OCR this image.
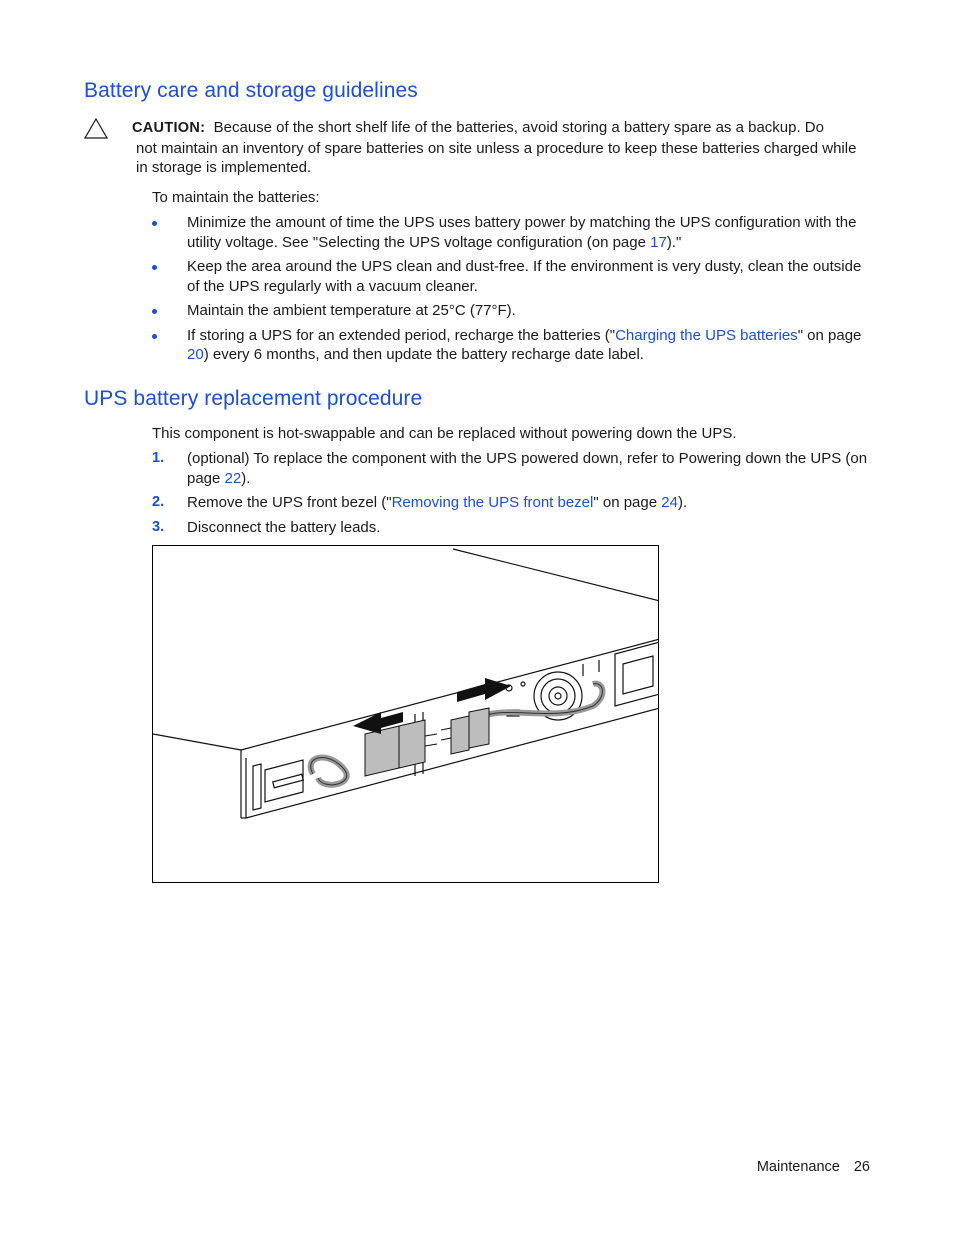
Battery care and storage guidelines
CAUTION: Because of the short shelf life of the batteries, avoid storing a battery spare as a backup. Do
not maintain an inventory of spare batteries on site unless a procedure to keep these batteries charged while
in storage is implemented.
To maintain the batteries:
Minimize the amount of time the UPS uses battery power by matching the UPS configuration with the utility voltage. See "Selecting the UPS voltage configuration (on page 17)."
Keep the area around the UPS clean and dust-free. If the environment is very dusty, clean the outside of the UPS regularly with a vacuum cleaner.
Maintain the ambient temperature at 25°C (77°F).
If storing a UPS for an extended period, recharge the batteries ("Charging the UPS batteries" on page 20) every 6 months, and then update the battery recharge date label.
UPS battery replacement procedure
This component is hot-swappable and can be replaced without powering down the UPS.
1. (optional) To replace the component with the UPS powered down, refer to Powering down the UPS (on page 22).
2. Remove the UPS front bezel ("Removing the UPS front bezel" on page 24).
3. Disconnect the battery leads.
Maintenance 26
